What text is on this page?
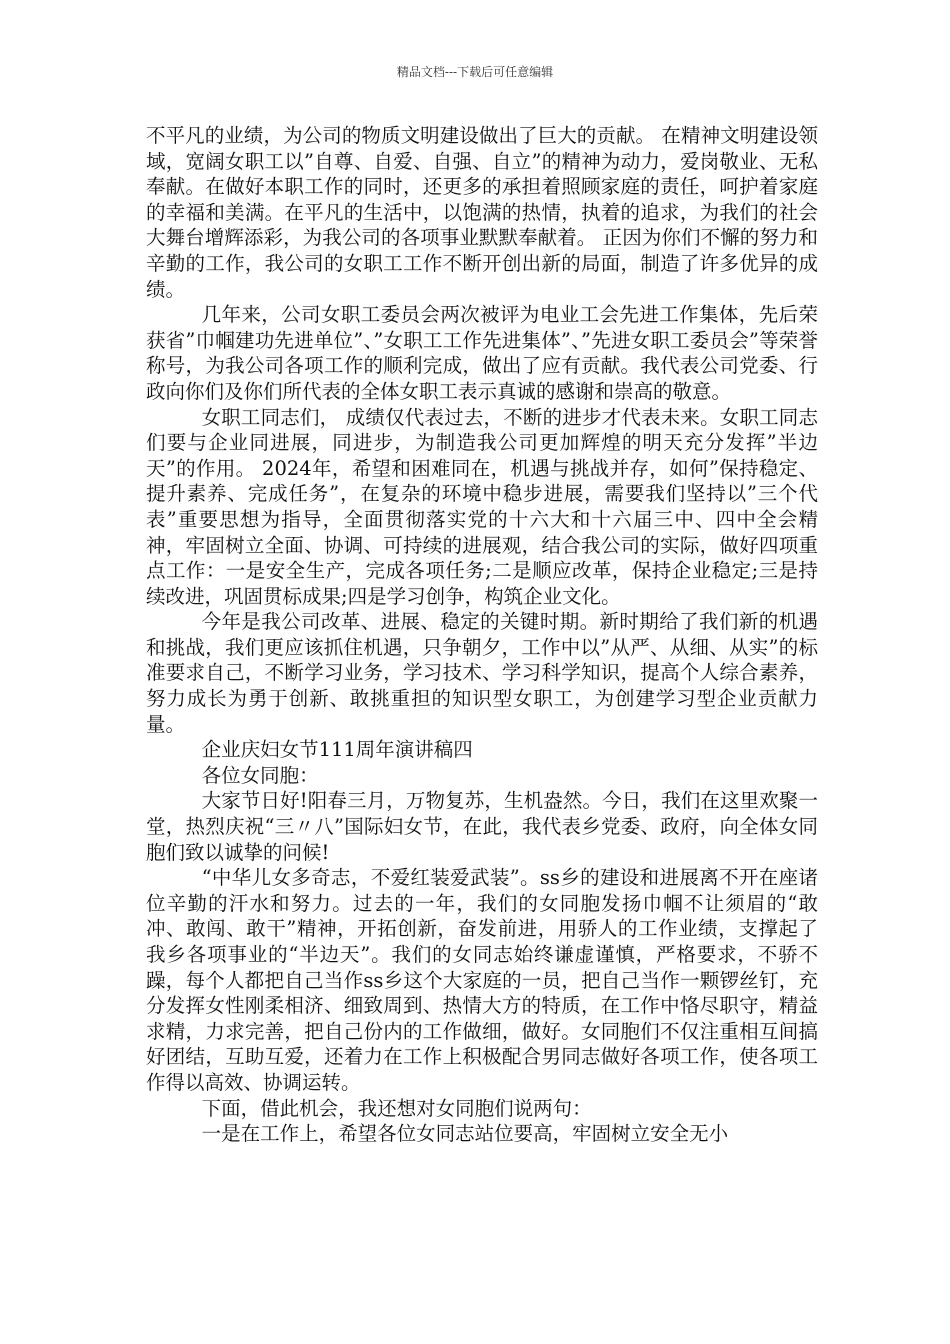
精品文档---下载后可任意编辑

不平凡的业绩，为公司的物质文明建设做出了巨大的贡献。 在精神文明建设领域，宽阔女职工以”自尊、自爱、自强、自立”的精神为动力，爱岗敬业、无私奉献。在做好本职工作的同时，还更多的承担着照顾家庭的责任，呵护着家庭的幸福和美满。在平凡的生活中，以饱满的热情，执着的追求，为我们的社会大舞台增辉添彩，为我公司的各项事业默默奉献着。 正因为你们不懈的努力和辛勤的工作，我公司的女职工工作不断开创出新的局面，制造了许多优异的成绩。

几年来，公司女职工委员会两次被评为电业工会先进工作集体，先后荣获省”巾帼建功先进单位”、”女职工工作先进集体”、”先进女职工委员会”等荣誉称号，为我公司各项工作的顺利完成，做出了应有贡献。我代表公司党委、行政向你们及你们所代表的全体女职工表示真诚的感谢和崇高的敬意。

女职工同志们， 成绩仅代表过去，不断的进步才代表未来。女职工同志们要与企业同进展，同进步，为制造我公司更加辉煌的明天充分发挥”半边天”的作用。 2024年，希望和困难同在，机遇与挑战并存，如何”保持稳定、提升素养、完成任务”，在复杂的环境中稳步进展，需要我们坚持以”三个代表”重要思想为指导，全面贯彻落实党的十六大和十六届三中、四中全会精神，牢固树立全面、协调、可持续的进展观，结合我公司的实际，做好四项重点工作：一是安全生产，完成各项任务;二是顺应改革，保持企业稳定;三是持续改进，巩固贯标成果;四是学习创争，构筑企业文化。

今年是我公司改革、进展、稳定的关键时期。新时期给了我们新的机遇和挑战，我们更应该抓住机遇，只争朝夕，工作中以”从严、从细、从实”的标准要求自己，不断学习业务，学习技术、学习科学知识，提高个人综合素养，努力成长为勇于创新、敢挑重担的知识型女职工，为创建学习型企业贡献力量。

企业庆妇女节111周年演讲稿四

各位女同胞：

大家节日好!阳春三月，万物复苏，生机盎然。今日，我们在这里欢聚一堂，热烈庆祝“三〃八”国际妇女节，在此，我代表乡党委、政府，向全体女同胞们致以诚挚的问候!

“中华儿女多奇志，不爱红装爱武装”。ss乡的建设和进展离不开在座诸位辛勤的汗水和努力。过去的一年，我们的女同胞发扬巾帼不让须眉的“敢冲、敢闯、敢干”精神，开拓创新，奋发前进，用骄人的工作业绩，支撑起了我乡各项事业的“半边天”。我们的女同志始终谦虚谨慎，严格要求，不骄不躁，每个人都把自己当作ss乡这个大家庭的一员，把自己当作一颗锣丝钉，充分发挥女性刚柔相济、细致周到、热情大方的特质，在工作中恪尽职守，精益求精，力求完善，把自己份内的工作做细，做好。女同胞们不仅注重相互间搞好团结，互助互爱，还着力在工作上积极配合男同志做好各项工作，使各项工作得以高效、协调运转。

下面，借此机会，我还想对女同胞们说两句：

一是在工作上，希望各位女同志站位要高，牢固树立安全无小
